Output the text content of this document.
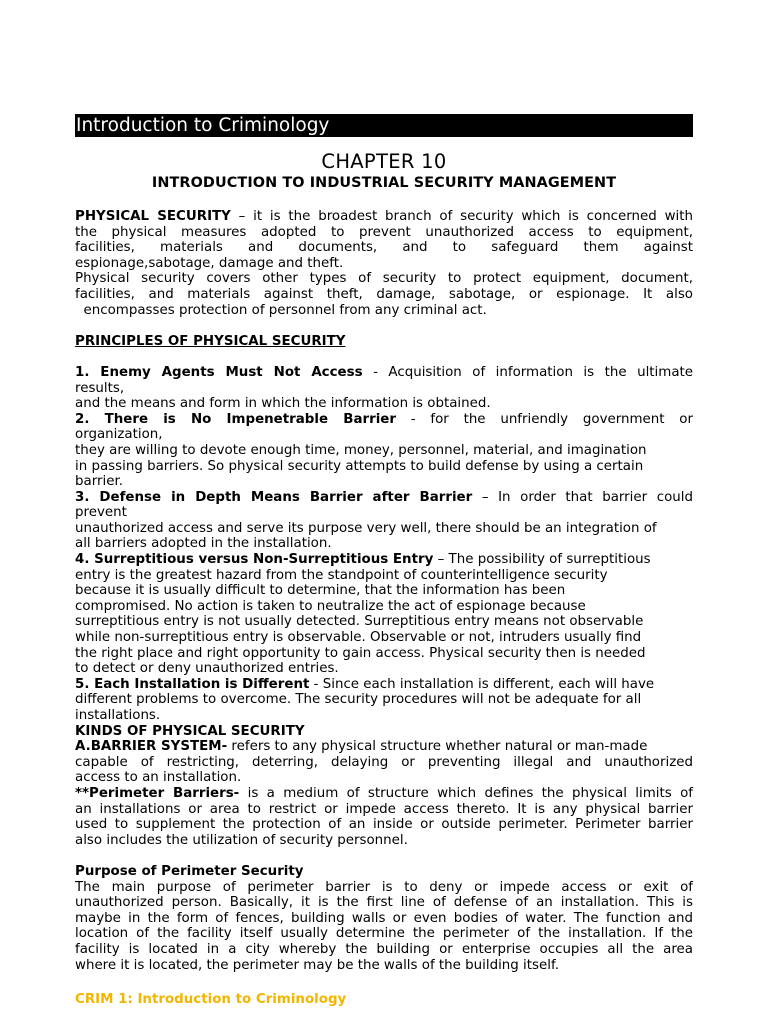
Introduction to Criminology
CHAPTER 10
INTRODUCTION TO INDUSTRIAL SECURITY MANAGEMENT
PHYSICAL SECURITY – it is the broadest branch of security which is concerned with
the physical measures adopted to prevent unauthorized access to equipment,
facilities, materials and documents, and to safeguard them against
espionage,sabotage, damage and theft.
Physical security covers other types of security to protect equipment, document,
facilities, and materials against theft, damage, sabotage, or espionage. It also
encompasses protection of personnel from any criminal act.
PRINCIPLES OF PHYSICAL SECURITY
1. Enemy Agents Must Not Access - Acquisition of information is the ultimate
results,
and the means and form in which the information is obtained.
2. There is No Impenetrable Barrier - for the unfriendly government or
organization,
they are willing to devote enough time, money, personnel, material, and imagination
in passing barriers. So physical security attempts to build defense by using a certain
barrier.
3. Defense in Depth Means Barrier after Barrier – In order that barrier could
prevent
unauthorized access and serve its purpose very well, there should be an integration of
all barriers adopted in the installation.
4. Surreptitious versus Non-Surreptitious Entry – The possibility of surreptitious
entry is the greatest hazard from the standpoint of counterintelligence security
because it is usually difficult to determine, that the information has been
compromised. No action is taken to neutralize the act of espionage because
surreptitious entry is not usually detected. Surreptitious entry means not observable
while non-surreptitious entry is observable. Observable or not, intruders usually find
the right place and right opportunity to gain access. Physical security then is needed
to detect or deny unauthorized entries.
5. Each Installation is Different - Since each installation is different, each will have
different problems to overcome. The security procedures will not be adequate for all
installations.
KINDS OF PHYSICAL SECURITY
A.BARRIER SYSTEM- refers to any physical structure whether natural or man-made
capable of restricting, deterring, delaying or preventing illegal and unauthorized
access to an installation.
**Perimeter Barriers- is a medium of structure which defines the physical limits of
an installations or area to restrict or impede access thereto. It is any physical barrier
used to supplement the protection of an inside or outside perimeter. Perimeter barrier
also includes the utilization of security personnel.
Purpose of Perimeter Security
The main purpose of perimeter barrier is to deny or impede access or exit of
unauthorized person. Basically, it is the first line of defense of an installation. This is
maybe in the form of fences, building walls or even bodies of water. The function and
location of the facility itself usually determine the perimeter of the installation. If the
facility is located in a city whereby the building or enterprise occupies all the area
where it is located, the perimeter may be the walls of the building itself.
CRIM 1: Introduction to Criminology
